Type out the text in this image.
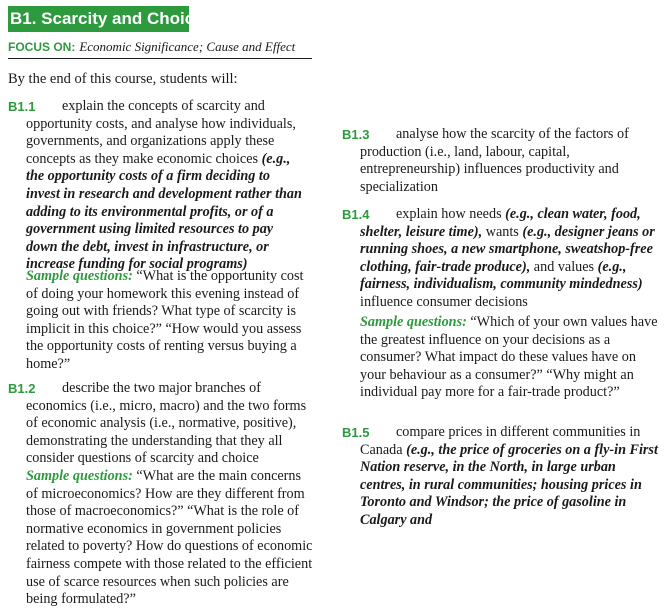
B1. Scarcity and Choice
FOCUS ON: Economic Significance; Cause and Effect
By the end of this course, students will:
B1.1	explain the concepts of scarcity and opportunity costs, and analyse how individuals, governments, and organizations apply these concepts as they make economic choices (e.g., the opportunity costs of a firm deciding to invest in research and development rather than adding to its environmental profits, or of a government using limited resources to pay down the debt, invest in infrastructure, or increase funding for social programs)
Sample questions: “What is the opportunity cost of doing your homework this evening instead of going out with friends? What type of scarcity is implicit in this choice?” “How would you assess the opportunity costs of renting versus buying a home?”
B1.2	describe the two major branches of economics (i.e., micro, macro) and the two forms of economic analysis (i.e., normative, positive), demonstrating the understanding that they all consider questions of scarcity and choice
Sample questions: “What are the main concerns of microeconomics? How are they different from those of macroeconomics?” “What is the role of normative economics in government policies related to poverty? How do questions of economic fairness compete with those related to the efficient use of scarce resources when such policies are being formulated?”
B1.3	analyse how the scarcity of the factors of production (i.e., land, labour, capital, entrepreneurship) influences productivity and specialization
B1.4	explain how needs (e.g., clean water, food, shelter, leisure time), wants (e.g., designer jeans or running shoes, a new smartphone, sweatshop-free clothing, fair-trade produce), and values (e.g., fairness, individualism, community mindedness) influence consumer decisions
Sample questions: “Which of your own values have the greatest influence on your decisions as a consumer? What impact do these values have on your behaviour as a consumer?” “Why might an individual pay more for a fair-trade product?”
B1.5	compare prices in different communities in Canada (e.g., the price of groceries on a fly-in First Nation reserve, in the North, in large urban centres, in rural communities; housing prices in Toronto and Windsor; the price of gasoline in Calgary and
